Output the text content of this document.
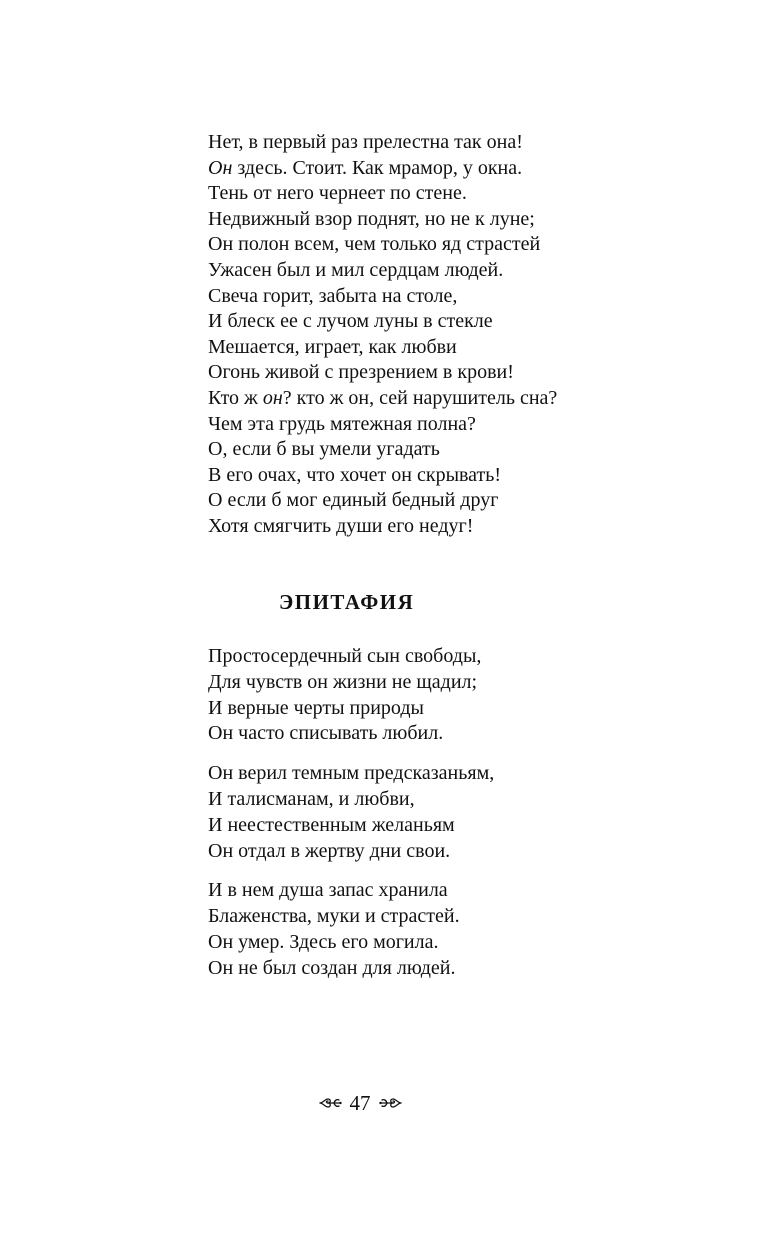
Нет, в первый раз прелестна так она!
Он здесь. Стоит. Как мрамор, у окна.
Тень от него чернеет по стене.
Недвижный взор поднят, но не к луне;
Он полон всем, чем только яд страстей
Ужасен был и мил сердцам людей.
Свеча горит, забыта на столе,
И блеск ее с лучом луны в стекле
Мешается, играет, как любви
Огонь живой с презрением в крови!
Кто ж он? кто ж он, сей нарушитель сна?
Чем эта грудь мятежная полна?
О, если б вы умели угадать
В его очах, что хочет он скрывать!
О если б мог единый бедный друг
Хотя смягчить души его недуг!
ЭПИТАФИЯ
Простосердечный сын свободы,
Для чувств он жизни не щадил;
И верные черты природы
Он часто списывать любил.
Он верил темным предсказаньям,
И талисманам, и любви,
И неестественным желаньям
Он отдал в жертву дни свои.
И в нем душа запас хранила
Блаженства, муки и страстей.
Он умер. Здесь его могила.
Он не был создан для людей.
47
